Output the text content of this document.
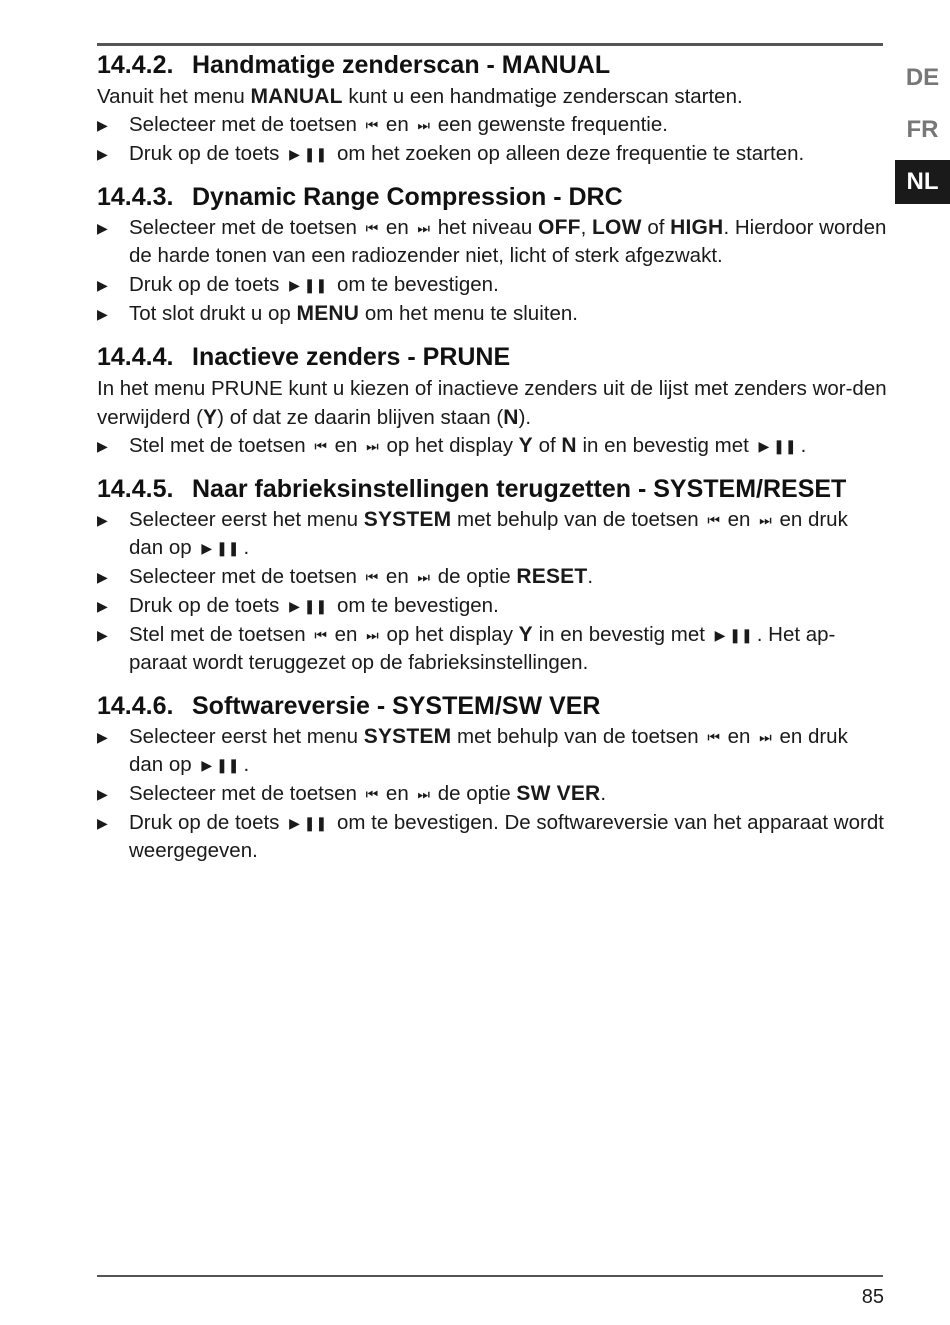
DE
FR
NL
14.4.2. Handmatige zenderscan - MANUAL

Vanuit het menu MANUAL kunt u een handmatige zenderscan starten.

▶ Selecteer met de toetsen ⏮ en ⏭ een gewenste frequentie.
▶ Druk op de toets ▶ ❚❚ om het zoeken op alleen deze frequentie te starten.
14.4.3. Dynamic Range Compression - DRC
▶ Selecteer met de toetsen ⏮ en ⏭ het niveau OFF, LOW of HIGH. Hierdoor worden de harde tonen van een radiozender niet, licht of sterk afgezwakt.
▶ Druk op de toets ▶ ❚❚ om te bevestigen.
▶ Tot slot drukt u op MENU om het menu te sluiten.
14.4.4. Inactieve zenders - PRUNE

In het menu PRUNE kunt u kiezen of inactieve zenders uit de lijst met zenders wor-den verwijderd (Y) of dat ze daarin blijven staan (N).

▶ Stel met de toetsen ⏮ en ⏭ op het display Y of N in en bevestig met ▶ ❚❚ .
14.4.5. Naar fabrieksinstellingen terugzetten - SYSTEM/RESET
▶ Selecteer eerst het menu SYSTEM met behulp van de toetsen ⏮ en ⏭ en druk dan op ▶ ❚❚ .
▶ Selecteer met de toetsen ⏮ en ⏭ de optie RESET.
▶ Druk op de toets ▶ ❚❚ om te bevestigen.
▶ Stel met de toetsen ⏮ en ⏭ op het display Y in en bevestig met ▶ ❚❚ . Het ap-paraat wordt teruggezet op de fabrieksinstellingen.
14.4.6. Softwareversie - SYSTEM/SW VER
▶ Selecteer eerst het menu SYSTEM met behulp van de toetsen ⏮ en ⏭ en druk dan op ▶ ❚❚ .
▶ Selecteer met de toetsen ⏮ en ⏭ de optie SW VER.
▶ Druk op de toets ▶ ❚❚ om te bevestigen. De softwareversie van het apparaat wordt weergegeven.
85
